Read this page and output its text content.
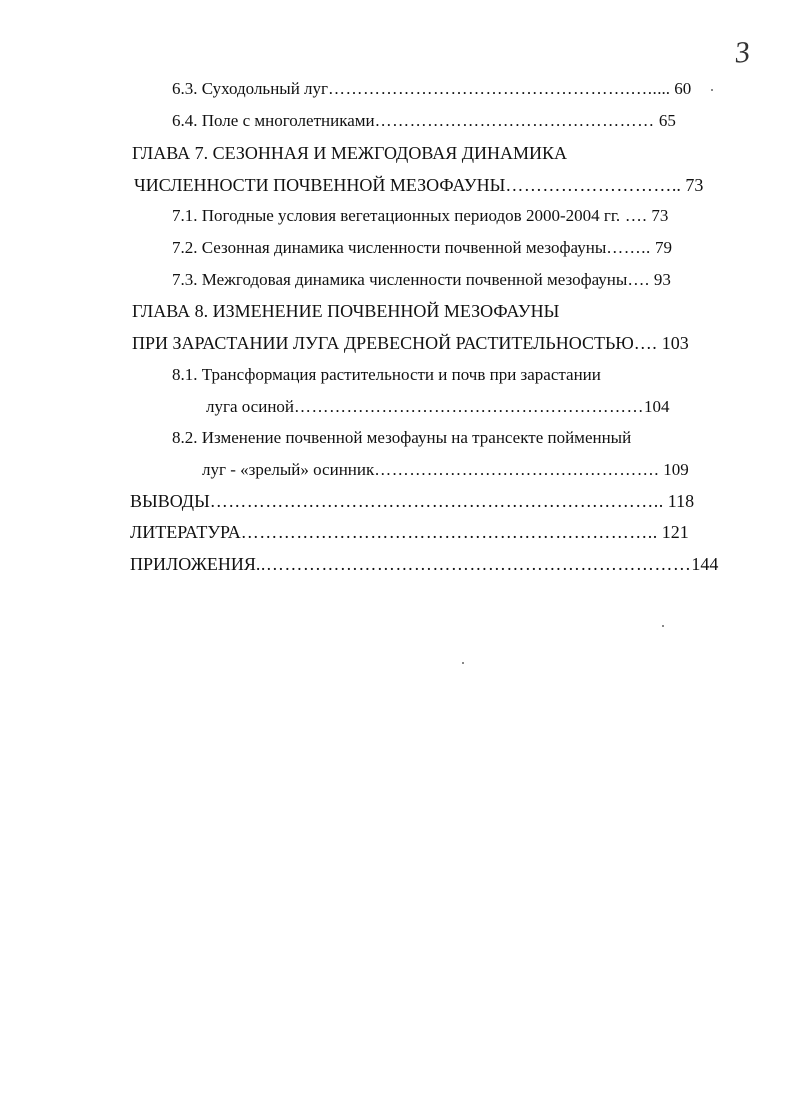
3
6.3. Суходольный луг…………………………………………….…..... 60
6.4. Поле с многолетниками………………………………………… 65
ГЛАВА 7. СЕЗОННАЯ И МЕЖГОДОВАЯ ДИНАМИКА
ЧИСЛЕННОСТИ ПОЧВЕННОЙ МЕЗОФАУНЫ……………………….. 73
7.1. Погодные условия вегетационных периодов 2000-2004 гг. …. 73
7.2. Сезонная динамика численности почвенной мезофауны…….. 79
7.3. Межгодовая динамика численности почвенной мезофауны…. 93
ГЛАВА 8. ИЗМЕНЕНИЕ ПОЧВЕННОЙ МЕЗОФАУНЫ
ПРИ ЗАРАСТАНИИ ЛУГА ДРЕВЕСНОЙ РАСТИТЕЛЬНОСТЬЮ…. 103
8.1. Трансформация растительности и почв при зарастании
луга осиной……………………………………………………104
8.2. Изменение почвенной мезофауны на трансекте пойменный
луг - «зрелый» осинник…………………………………………. 109
ВЫВОДЫ……………………………………………………………….. 118
ЛИТЕРАТУРА………………………………………………………….. 121
ПРИЛОЖЕНИЯ..……………………………………………………………144
